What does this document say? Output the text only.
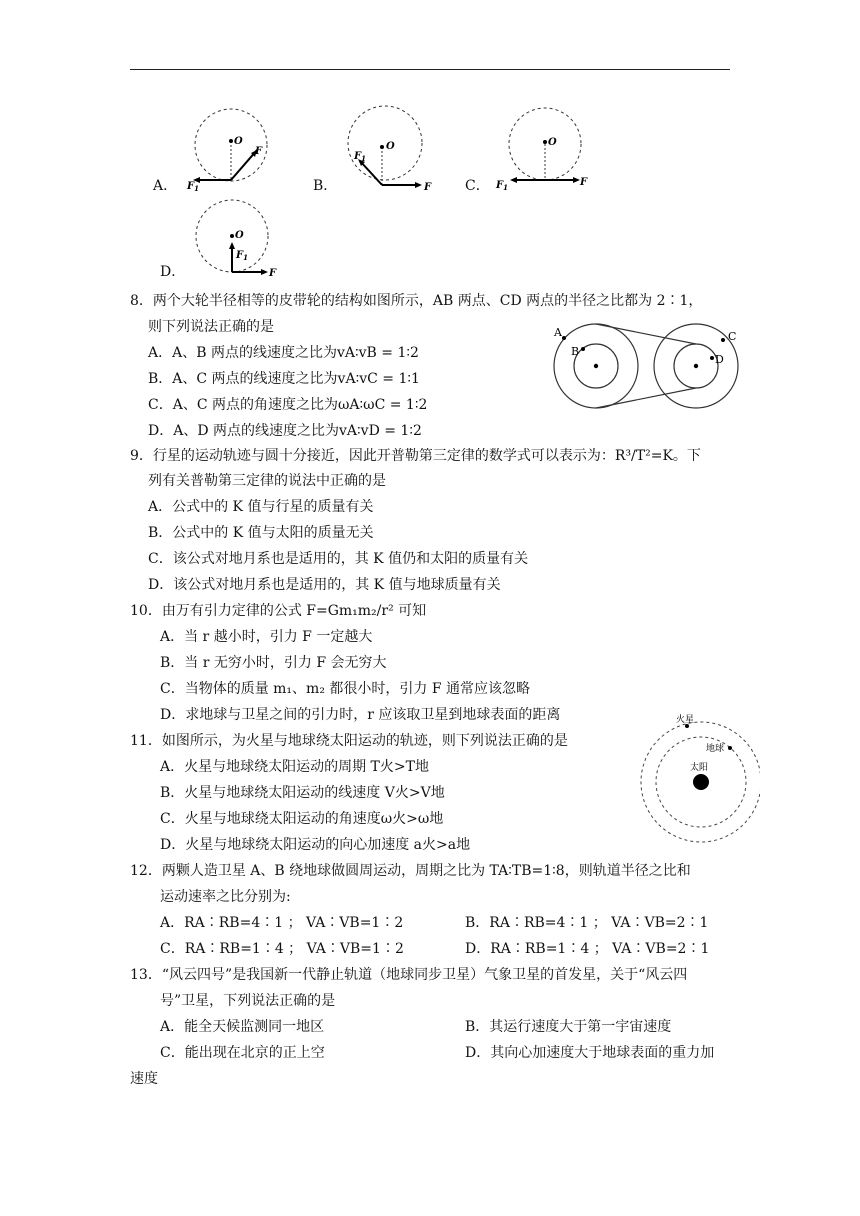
A．
O
F
$F_1$	B．
O
$F_1$
F C．
O
$F_1$	F
D．
O
$F_1$
F
8．两个大轮半径相等的皮带轮的结构如图所示，AB 两点、CD 两点的半径之比都为 2∶1，
则下列说法正确的是
A．A、B 两点的线速度之比为vA∶vB = 1∶2
B．A、C 两点的线速度之比为vA∶vC = 1∶1
C．A、C 两点的角速度之比为ωA∶ωC = 1∶2
D．A、D 两点的线速度之比为vA∶vD = 1∶2
A
B
C
D
9．行星的运动轨迹与圆十分接近，因此开普勒第三定律的数学式可以表示为：R³/T²=K。下
列有关普勒第三定律的说法中正确的是
A．公式中的 K 值与行星的质量有关
B．公式中的 K 值与太阳的质量无关
C．该公式对地月系也是适用的，其 K 值仍和太阳的质量有关
D．该公式对地月系也是适用的，其 K 值与地球质量有关
10．由万有引力定律的公式 F=Gm₁m₂/r² 可知
A．当 r 越小时，引力 F 一定越大
B．当 r 无穷小时，引力 F 会无穷大
C．当物体的质量 m₁、m₂ 都很小时，引力 F 通常应该忽略
D．求地球与卫星之间的引力时，r 应该取卫星到地球表面的距离
11．如图所示，为火星与地球绕太阳运动的轨迹，则下列说法正确的是
A．火星与地球绕太阳运动的周期 T火>T地
B．火星与地球绕太阳运动的线速度 V火>V地
C．火星与地球绕太阳运动的角速度ω火>ω地
D．火星与地球绕太阳运动的向心加速度 a火>a地
火星
地球
太阳
12．两颗人造卫星 A、B 绕地球做圆周运动，周期之比为 TA∶TB=1∶8，则轨道半径之比和
运动速率之比分别为:
A．RA∶RB=4∶1 ； VA∶VB=1∶2	B．RA∶RB=4∶1 ； VA∶VB=2∶1
C．RA∶RB=1∶4 ； VA∶VB=1∶2	D．RA∶RB=1∶4 ； VA∶VB=2∶1
13．“风云四号”是我国新一代静止轨道（地球同步卫星）气象卫星的首发星，关于“风云四
号”卫星，下列说法正确的是
A．能全天候监测同一地区	B．其运行速度大于第一宇宙速度
C．能出现在北京的正上空	D．其向心加速度大于地球表面的重力加
速度
